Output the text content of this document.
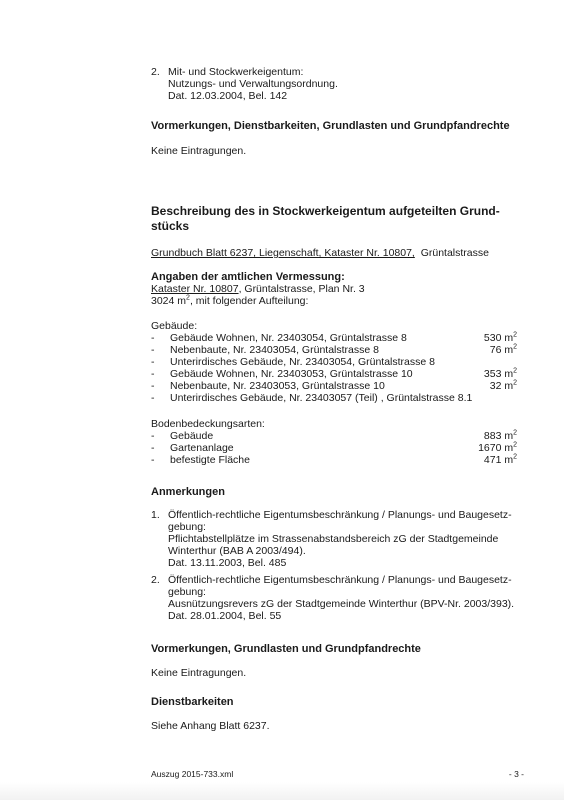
2. Mit- und Stockwerkeigentum:
Nutzungs- und Verwaltungsordnung.
Dat. 12.03.2004, Bel. 142
Vormerkungen, Dienstbarkeiten, Grundlasten und Grundpfandrechte
Keine Eintragungen.
Beschreibung des in Stockwerkeigentum aufgeteilten Grund-
stücks
Grundbuch Blatt 6237, Liegenschaft, Kataster Nr. 10807, Grüntalstrasse
Angaben der amtlichen Vermessung:
Kataster Nr. 10807, Grüntalstrasse, Plan Nr. 3
3024 $m^2$, mit folgender Aufteilung:
Gebäude:
- Gebäude Wohnen, Nr. 23403054, Grüntalstrasse 8	530 $m^2$
- Nebenbaute, Nr. 23403054, Grüntalstrasse 8	76 $m^2$
- Unterirdisches Gebäude, Nr. 23403054, Grüntalstrasse 8
- Gebäude Wohnen, Nr. 23403053, Grüntalstrasse 10	353 $m^2$
- Nebenbaute, Nr. 23403053, Grüntalstrasse 10	32 $m^2$
- Unterirdisches Gebäude, Nr. 23403057 (Teil) , Grüntalstrasse 8.1
Bodenbedeckungsarten:
- Gebäude	883 $m^2$
- Gartenanlage	1670 $m^2$
- befestigte Fläche	471 $m^2$
Anmerkungen
1. Öffentlich-rechtliche Eigentumsbeschränkung / Planungs- und Baugesetz-
gebung:
Pflichtabstellplätze im Strassenabstandsbereich zG der Stadtgemeinde
Winterthur (BAB A 2003/494).
Dat. 13.11.2003, Bel. 485
2. Öffentlich-rechtliche Eigentumsbeschränkung / Planungs- und Baugesetz-
gebung:
Ausnützungsrevers zG der Stadtgemeinde Winterthur (BPV-Nr. 2003/393).
Dat. 28.01.2004, Bel. 55
Vormerkungen, Grundlasten und Grundpfandrechte
Keine Eintragungen.
Dienstbarkeiten
Siehe Anhang Blatt 6237.
Auszug 2015-733.xml	- 3 -
